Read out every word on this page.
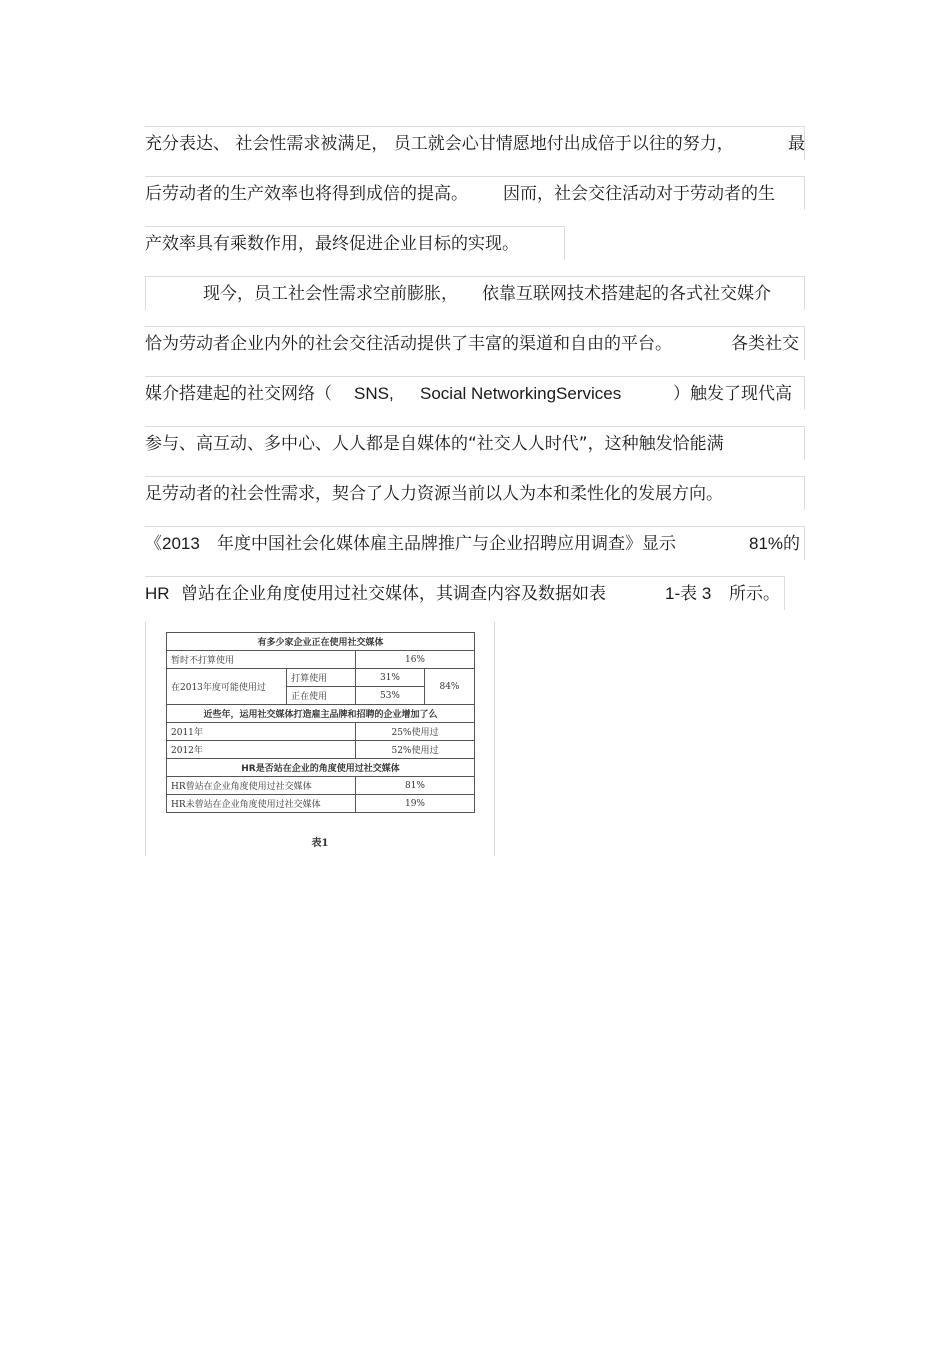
充分表达、 社会性需求被满足， 员工就会心甘情愿地付出成倍于以往的努力，	最
后劳动者的生产效率也将得到成倍的提高。 因而，社会交往活动对于劳动者的生
产效率具有乘数作用，最终促进企业目标的实现。
现今，员工社会性需求空前膨胀， 依靠互联网技术搭建起的各式社交媒介
恰为劳动者企业内外的社会交往活动提供了丰富的渠道和自由的平台。	各类社交
媒介搭建起的社交网络（ SNS, Social NetworkingServices	）触发了现代高
参与、高互动、多中心、人人都是自媒体的“社交人人时代”，这种触发恰能满
足劳动者的社会性需求，契合了人力资源当前以人为本和柔性化的发展方向。
《2013 年度中国社会化媒体雇主品牌推广与企业招聘应用调查》显示	81%的
HR 曾站在企业角度使用过社交媒体，其调查内容及数据如表	1-表 3 所示。
有多少家企业正在使用社交媒体			
暂时不打算使用		16%	
在2013年度可能使用过	打算使用	31%	84%
	正在使用	53%	
近些年，运用社交媒体打造雇主品牌和招聘的企业增加了么			
2011年		25%使用过	
2012年		52%使用过	
HR是否站在企业的角度使用过社交媒体			
HR曾站在企业角度使用过社交媒体		81%	
HR未曾站在企业角度使用过社交媒体		19%	
表1
